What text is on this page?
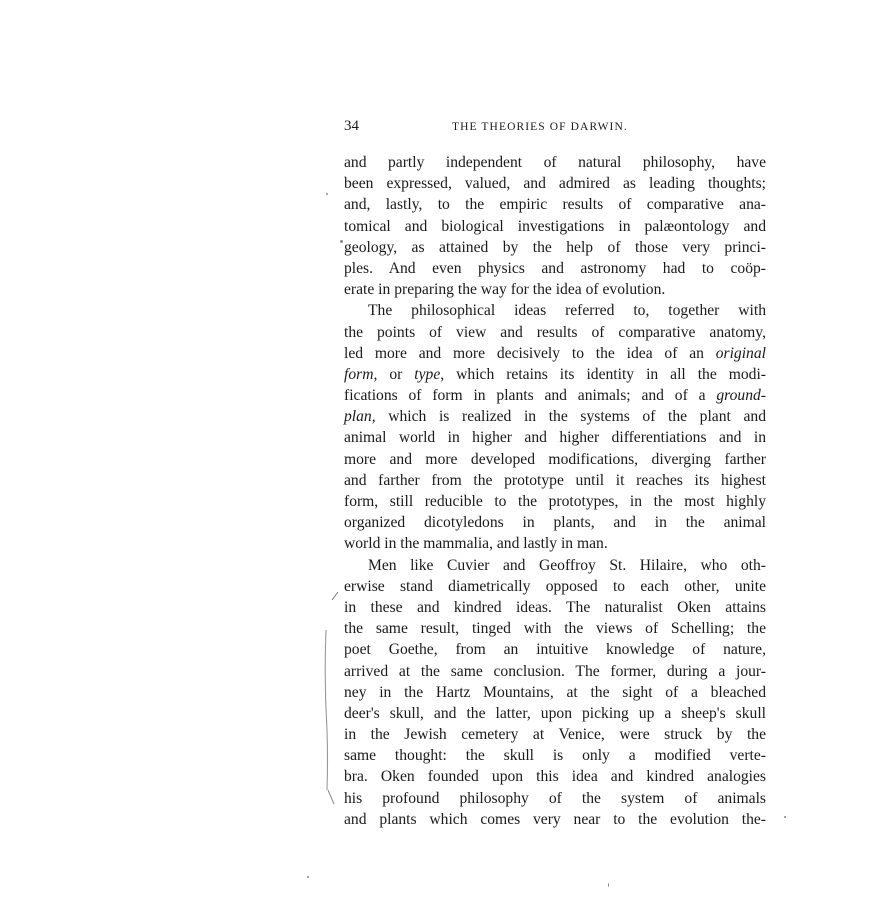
34	THE THEORIES OF DARWIN.
and partly independent of natural philosophy, have
been expressed, valued, and admired as leading thoughts;
and, lastly, to the empiric results of comparative ana-
tomical and biological investigations in palæontology and
geology, as attained by the help of those very princi-
ples. And even physics and astronomy had to coöp-
erate in preparing the way for the idea of evolution.
The philosophical ideas referred to, together with
the points of view and results of comparative anatomy,
led more and more decisively to the idea of an original
form, or type, which retains its identity in all the modi-
fications of form in plants and animals; and of a ground-
plan, which is realized in the systems of the plant and
animal world in higher and higher differentiations and in
more and more developed modifications, diverging farther
and farther from the prototype until it reaches its highest
form, still reducible to the prototypes, in the most highly
organized dicotyledons in plants, and in the animal
world in the mammalia, and lastly in man.
Men like Cuvier and Geoffroy St. Hilaire, who oth-
erwise stand diametrically opposed to each other, unite
in these and kindred ideas. The naturalist Oken attains
the same result, tinged with the views of Schelling; the
poet Goethe, from an intuitive knowledge of nature,
arrived at the same conclusion. The former, during a jour-
ney in the Hartz Mountains, at the sight of a bleached
deer's skull, and the latter, upon picking up a sheep's skull
in the Jewish cemetery at Venice, were struck by the
same thought: the skull is only a modified verte-
bra. Oken founded upon this idea and kindred analogies
his profound philosophy of the system of animals
and plants which comes very near to the evolution the-
